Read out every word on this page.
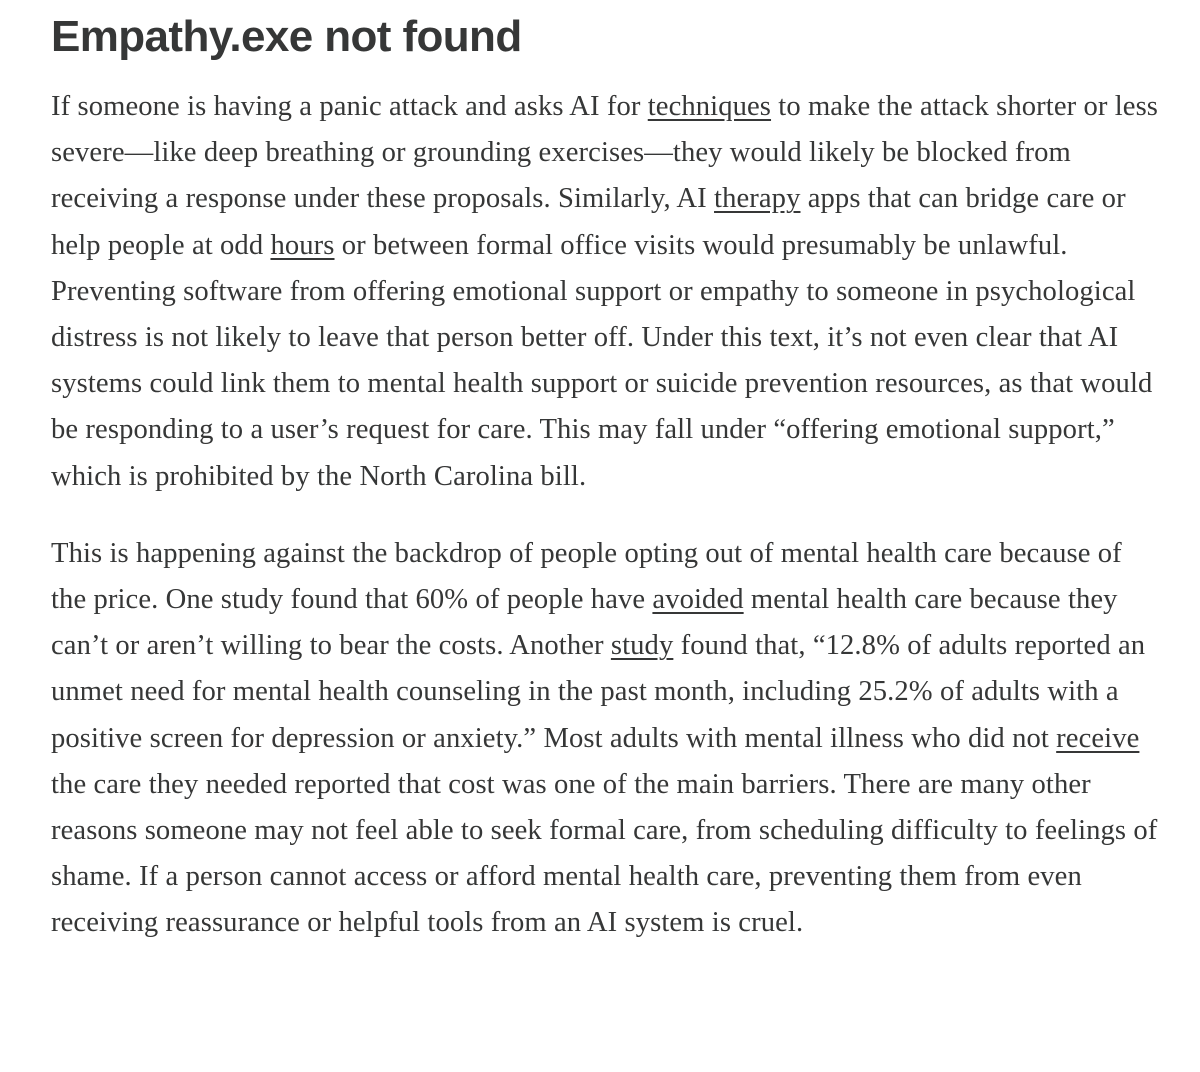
Empathy.exe not found

If someone is having a panic attack and asks AI for techniques to make the attack shorter or less severe—like deep breathing or grounding exercises—they would likely be blocked from receiving a response under these proposals. Similarly, AI therapy apps that can bridge care or help people at odd hours or between formal office visits would presumably be unlawful. Preventing software from offering emotional support or empathy to someone in psychological distress is not likely to leave that person better off. Under this text, it’s not even clear that AI systems could link them to mental health support or suicide prevention resources, as that would be responding to a user’s request for care. This may fall under “offering emotional support,” which is prohibited by the North Carolina bill.

This is happening against the backdrop of people opting out of mental health care because of the price. One study found that 60% of people have avoided mental health care because they can’t or aren’t willing to bear the costs. Another study found that, “12.8% of adults reported an unmet need for mental health counseling in the past month, including 25.2% of adults with a positive screen for depression or anxiety.” Most adults with mental illness who did not receive the care they needed reported that cost was one of the main barriers. There are many other reasons someone may not feel able to seek formal care, from scheduling difficulty to feelings of shame. If a person cannot access or afford mental health care, preventing them from even receiving reassurance or helpful tools from an AI system is cruel.
